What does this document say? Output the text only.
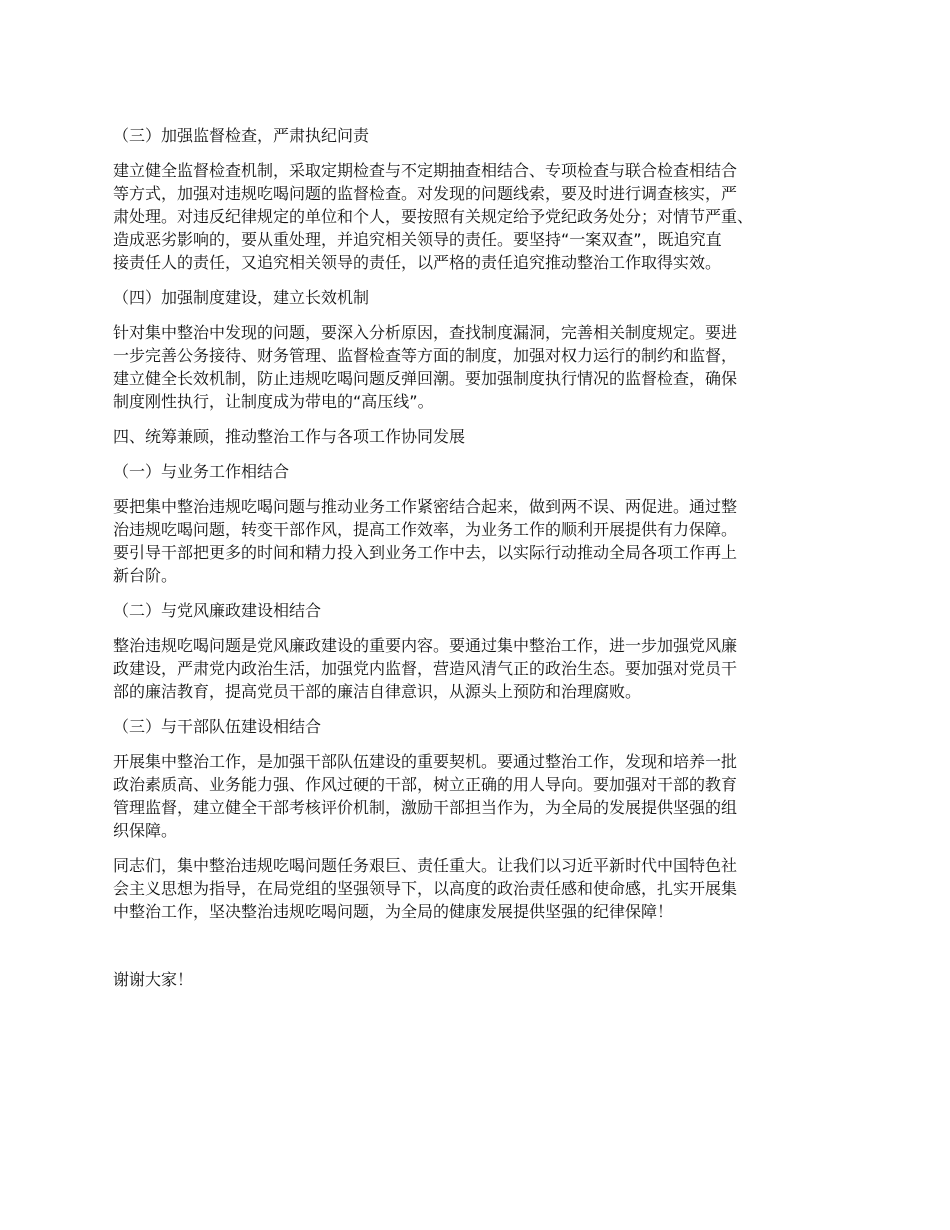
（三）加强监督检查，严肃执纪问责

建立健全监督检查机制，采取定期检查与不定期抽查相结合、专项检查与联合检查相结合
等方式，加强对违规吃喝问题的监督检查。对发现的问题线索，要及时进行调查核实，严
肃处理。对违反纪律规定的单位和个人，要按照有关规定给予党纪政务处分；对情节严重、
造成恶劣影响的，要从重处理，并追究相关领导的责任。要坚持“一案双查”，既追究直
接责任人的责任，又追究相关领导的责任，以严格的责任追究推动整治工作取得实效。

（四）加强制度建设，建立长效机制

针对集中整治中发现的问题，要深入分析原因，查找制度漏洞，完善相关制度规定。要进
一步完善公务接待、财务管理、监督检查等方面的制度，加强对权力运行的制约和监督，
建立健全长效机制，防止违规吃喝问题反弹回潮。要加强制度执行情况的监督检查，确保
制度刚性执行，让制度成为带电的“高压线”。

四、统筹兼顾，推动整治工作与各项工作协同发展

（一）与业务工作相结合

要把集中整治违规吃喝问题与推动业务工作紧密结合起来，做到两不误、两促进。通过整
治违规吃喝问题，转变干部作风，提高工作效率，为业务工作的顺利开展提供有力保障。
要引导干部把更多的时间和精力投入到业务工作中去，以实际行动推动全局各项工作再上
新台阶。

（二）与党风廉政建设相结合

整治违规吃喝问题是党风廉政建设的重要内容。要通过集中整治工作，进一步加强党风廉
政建设，严肃党内政治生活，加强党内监督，营造风清气正的政治生态。要加强对党员干
部的廉洁教育，提高党员干部的廉洁自律意识，从源头上预防和治理腐败。

（三）与干部队伍建设相结合

开展集中整治工作，是加强干部队伍建设的重要契机。要通过整治工作，发现和培养一批
政治素质高、业务能力强、作风过硬的干部，树立正确的用人导向。要加强对干部的教育
管理监督，建立健全干部考核评价机制，激励干部担当作为，为全局的发展提供坚强的组
织保障。
同志们，集中整治违规吃喝问题任务艰巨、责任重大。让我们以习近平新时代中国特色社
会主义思想为指导，在局党组的坚强领导下，以高度的政治责任感和使命感，扎实开展集
中整治工作，坚决整治违规吃喝问题，为全局的健康发展提供坚强的纪律保障！

谢谢大家！
